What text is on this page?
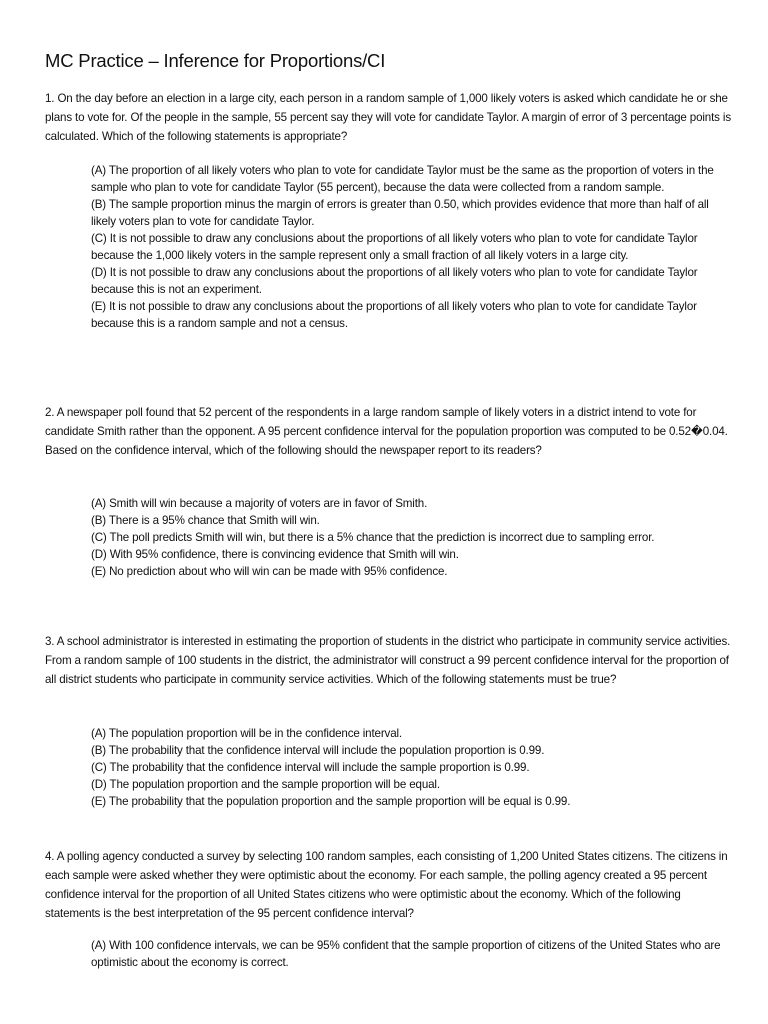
MC Practice – Inference for Proportions/CI

1. On the day before an election in a large city, each person in a random sample of 1,000 likely voters is asked which candidate he or she plans to vote for. Of the people in the sample, 55 percent say they will vote for candidate Taylor. A margin of error of 3 percentage points is calculated. Which of the following statements is appropriate?

(A) The proportion of all likely voters who plan to vote for candidate Taylor must be the same as the proportion of voters in the sample who plan to vote for candidate Taylor (55 percent), because the data were collected from a random sample.
(B) The sample proportion minus the margin of errors is greater than 0.50, which provides evidence that more than half of all likely voters plan to vote for candidate Taylor.
(C) It is not possible to draw any conclusions about the proportions of all likely voters who plan to vote for candidate Taylor because the 1,000 likely voters in the sample represent only a small fraction of all likely voters in a large city.
(D) It is not possible to draw any conclusions about the proportions of all likely voters who plan to vote for candidate Taylor because this is not an experiment.
(E) It is not possible to draw any conclusions about the proportions of all likely voters who plan to vote for candidate Taylor because this is a random sample and not a census.

2. A newspaper poll found that 52 percent of the respondents in a large random sample of likely voters in a district intend to vote for candidate Smith rather than the opponent. A 95 percent confidence interval for the population proportion was computed to be 0.52�0.04. Based on the confidence interval, which of the following should the newspaper report to its readers?

(A) Smith will win because a majority of voters are in favor of Smith.
(B) There is a 95% chance that Smith will win.
(C) The poll predicts Smith will win, but there is a 5% chance that the prediction is incorrect due to sampling error.
(D) With 95% confidence, there is convincing evidence that Smith will win.
(E) No prediction about who will win can be made with 95% confidence.

3. A school administrator is interested in estimating the proportion of students in the district who participate in community service activities. From a random sample of 100 students in the district, the administrator will construct a 99 percent confidence interval for the proportion of all district students who participate in community service activities. Which of the following statements must be true?

(A) The population proportion will be in the confidence interval.
(B) The probability that the confidence interval will include the population proportion is 0.99.
(C) The probability that the confidence interval will include the sample proportion is 0.99.
(D) The population proportion and the sample proportion will be equal.
(E) The probability that the population proportion and the sample proportion will be equal is 0.99.

4. A polling agency conducted a survey by selecting 100 random samples, each consisting of 1,200 United States citizens. The citizens in each sample were asked whether they were optimistic about the economy. For each sample, the polling agency created a 95 percent confidence interval for the proportion of all United States citizens who were optimistic about the economy. Which of the following statements is the best interpretation of the 95 percent confidence interval?

(A) With 100 confidence intervals, we can be 95% confident that the sample proportion of citizens of the United States who are optimistic about the economy is correct.
